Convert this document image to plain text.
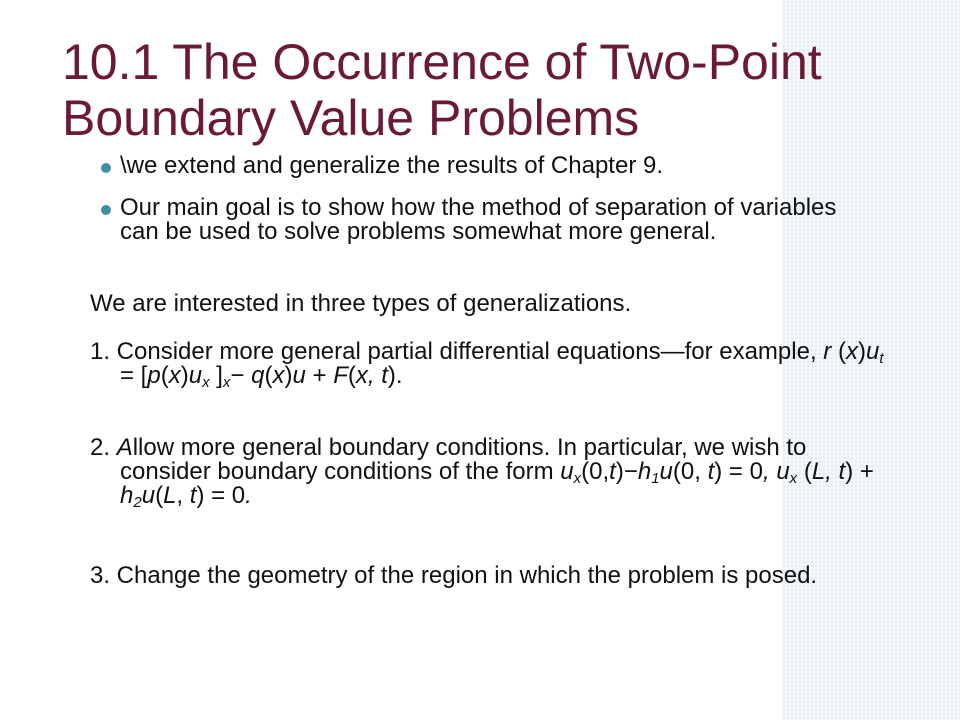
10.1 The Occurrence of Two-Point Boundary Value Problems
\we extend and generalize the results of Chapter 9.
Our main goal is to show how the method of separation of variables can be used to solve problems somewhat more general.
We are interested in three types of generalizations.
1. Consider more general partial differential equations—for example, r $(x)u_t = [p(x)u_x$ ]$_x- q(x)u + F(x$, t).
2. Allow more general boundary conditions. In particular, we wish to consider boundary conditions of the form $u_x(0,t)-h_1u(0$, t) = 0, $u_x$ (L, $t) + h_2u(L$, t) = 0.
3. Change the geometry of the region in which the problem is posed.
